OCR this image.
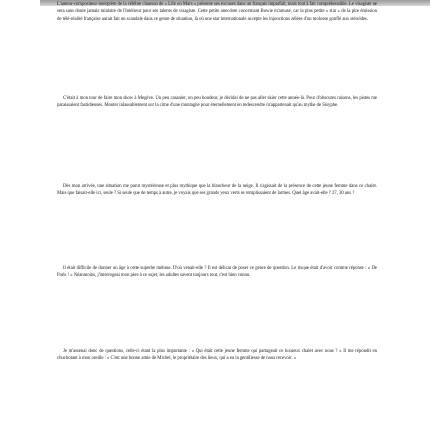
L'auteur-compositeur-interprète de la célèbre chanson de « Life on Mars » présente ses excuses dans un français imparfait, mais tout à fait compréhensible. Le visagiste ne sera sans doute jamais ministre de l'Intérieur pour ses talents de visagiste. Cette petite anecdote concernant Bowie m'amuse, car la plus petite « star » de la pire émission de télé-réalité française aurait fait un scandale dans ce genre de situation, là où une star internationale accepte les injonctions zélées d'un molosse gonflé aux stéroïdes.

C'était à mon tour de faire mon show à Megève. Un peu casanier, un peu boudeur, je décidai de ne pas aller skier cette année-là. Pour d'obscures raisons, les pistes me paraissaient fastidieuses. Monter inlassablement sur la cime d'une montagne pour éternellement en redescendre m'appartenait qu'au mythe de Sisyphe.

Dès mon arrivée, une situation me parut mystérieuse et plus mythique que la blancheur de la neige. Il s'agissait de la présence de cette jeune femme dans ce chalet. Mais que faisait-elle ici, seule ? Si seule que de temps à autre, je voyais que ses grands yeux verts se remplissaient de larmes. Quel âge avait-elle ? 27, 30 ans ?

Il était difficile de donner un âge à cette superbe métisse. D'où venait-elle ? Il est délicat de poser ce genre de question. Le risque était d'avoir comme réponse : « De Paris ! » Néanmoins, j'interrogeai mon père à ce sujet, les adultes savent toujours tout, c'est bien connu.

Je m'assenai donc de questions, celle-ci étant la plus importante : « Qui était cette jeune femme qui partageait ce luxueux chalet avec nous ? » Il me répondit en chuchotant à mon oreille : « C'est une bonne amie de Michel, le propriétaire des lieux, qui a eu la gentillesse de nous recevoir. »
